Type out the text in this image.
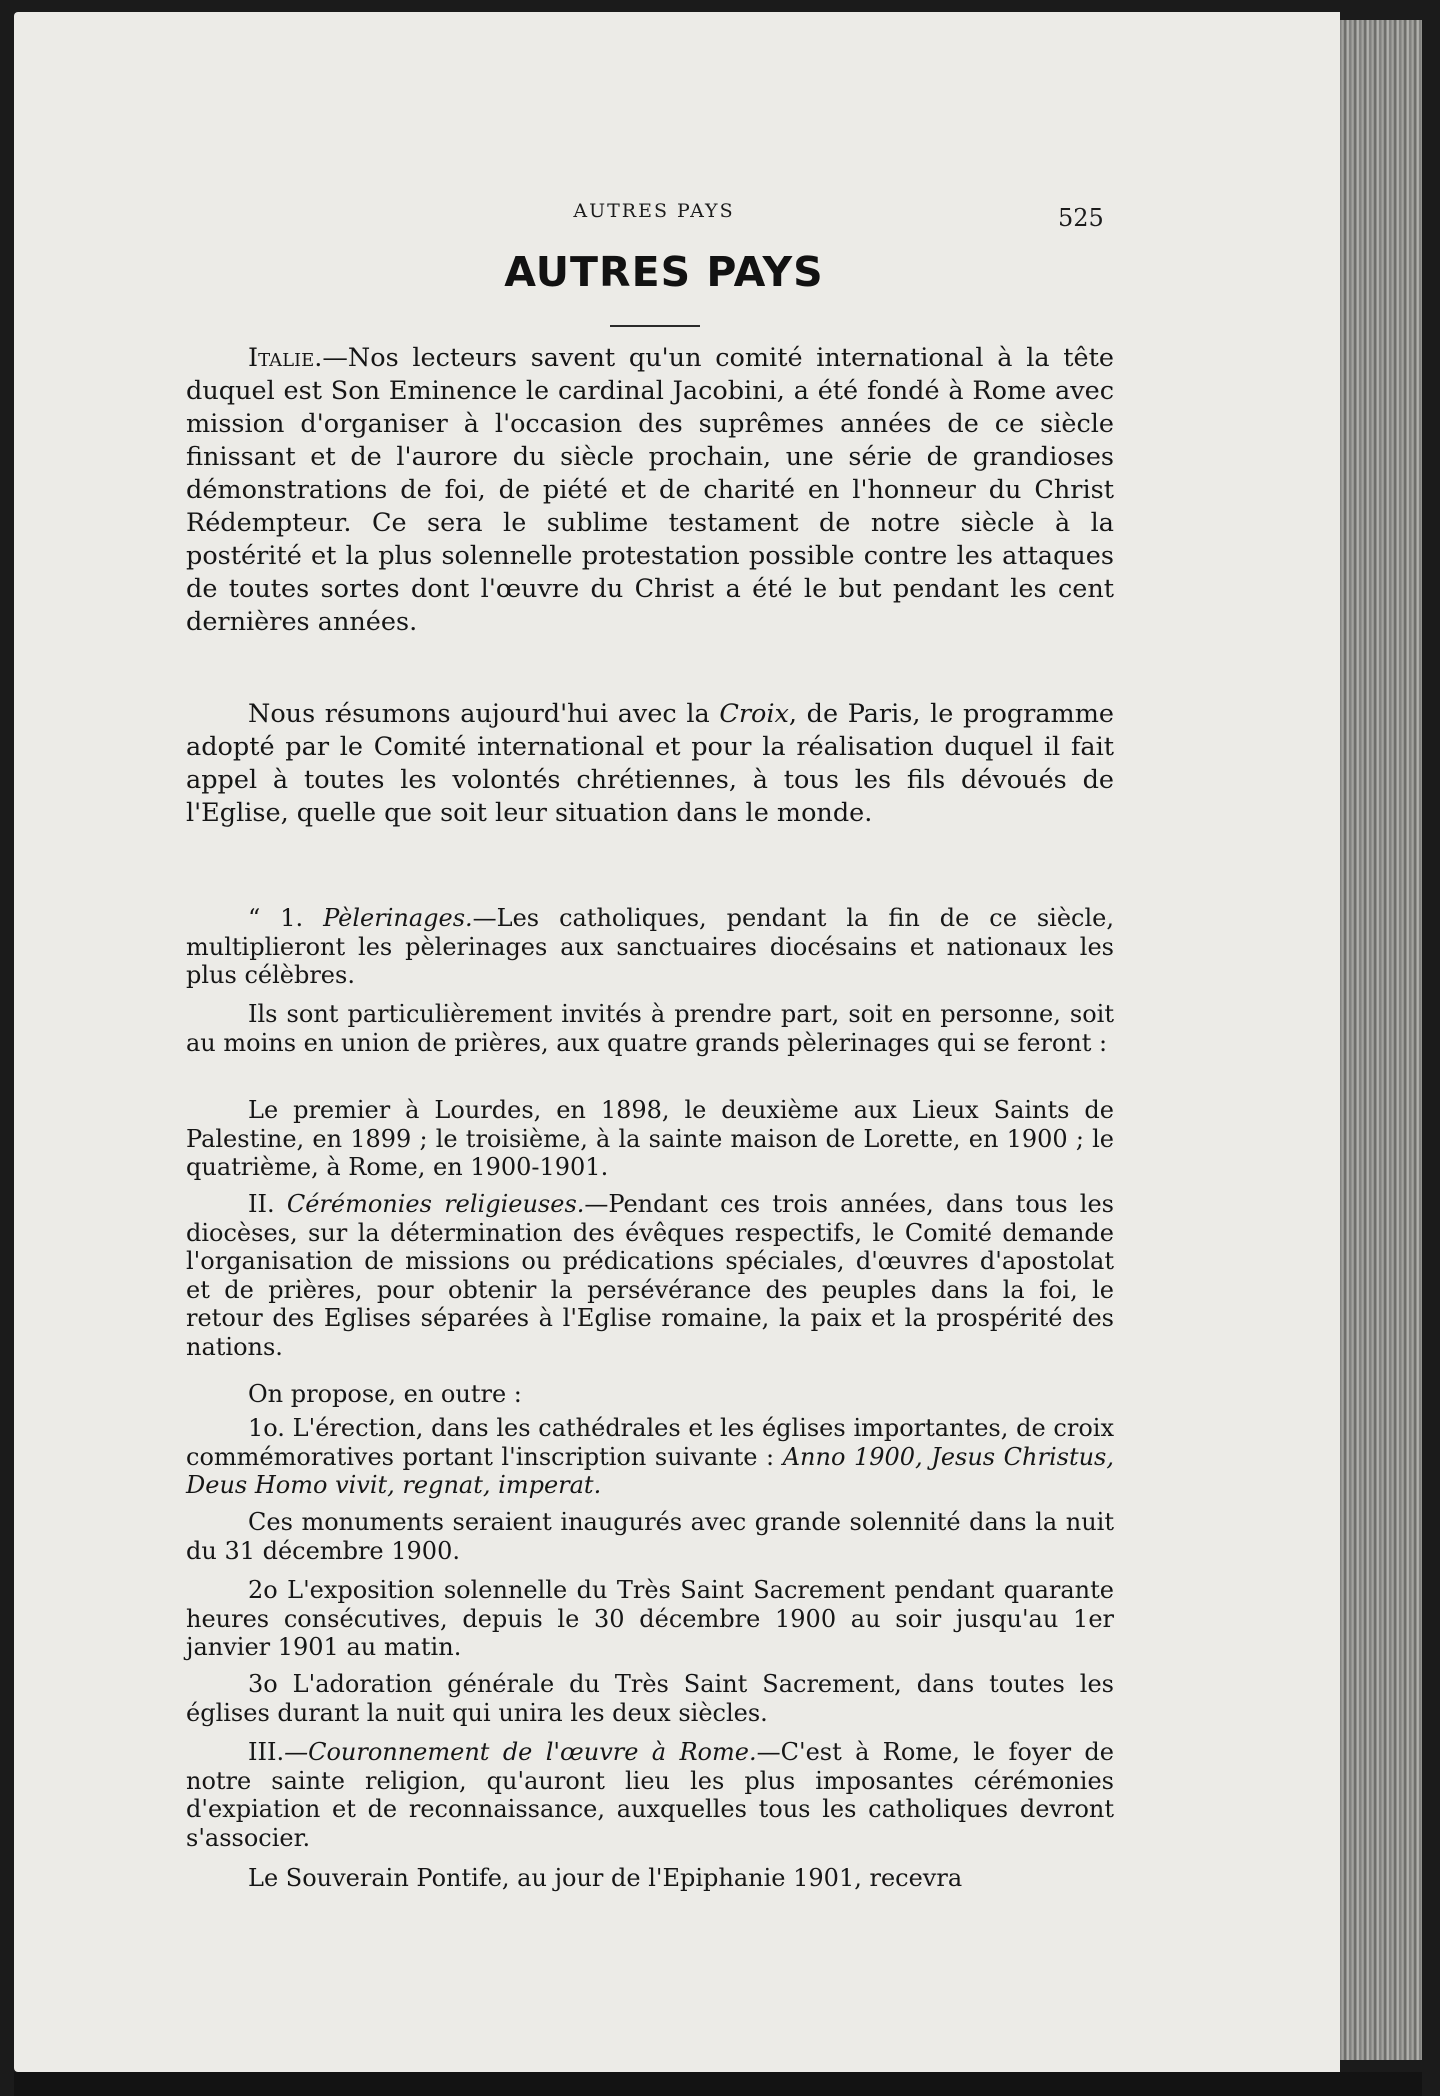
AUTRES PAYS	525
AUTRES PAYS

Italie.—Nos lecteurs savent qu'un comité international à la tête duquel est Son Eminence le cardinal Jacobini, a été fondé à Rome avec mission d'organiser à l'occasion des suprêmes années de ce siècle finissant et de l'aurore du siècle prochain, une série de grandioses démonstrations de foi, de piété et de charité en l'honneur du Christ Rédempteur. Ce sera le sublime testament de notre siècle à la postérité et la plus solennelle protestation possible contre les attaques de toutes sortes dont l'œuvre du Christ a été le but pendant les cent dernières années.

Nous résumons aujourd'hui avec la Croix, de Paris, le programme adopté par le Comité international et pour la réalisation duquel il fait appel à toutes les volontés chrétiennes, à tous les fils dévoués de l'Eglise, quelle que soit leur situation dans le monde.

“ 1. Pèlerinages.—Les catholiques, pendant la fin de ce siècle, multiplieront les pèlerinages aux sanctuaires diocésains et nationaux les plus célèbres.

Ils sont particulièrement invités à prendre part, soit en personne, soit au moins en union de prières, aux quatre grands pèlerinages qui se feront :

Le premier à Lourdes, en 1898, le deuxième aux Lieux Saints de Palestine, en 1899 ; le troisième, à la sainte maison de Lorette, en 1900 ; le quatrième, à Rome, en 1900-1901.

II. Cérémonies religieuses.—Pendant ces trois années, dans tous les diocèses, sur la détermination des évêques respectifs, le Comité demande l'organisation de missions ou prédications spéciales, d'œuvres d'apostolat et de prières, pour obtenir la persévérance des peuples dans la foi, le retour des Eglises séparées à l'Eglise romaine, la paix et la prospérité des nations.

On propose, en outre :

1o. L'érection, dans les cathédrales et les églises importantes, de croix commémoratives portant l'inscription suivante : Anno 1900, Jesus Christus, Deus Homo vivit, regnat, imperat.

Ces monuments seraient inaugurés avec grande solennité dans la nuit du 31 décembre 1900.

2o L'exposition solennelle du Très Saint Sacrement pendant quarante heures consécutives, depuis le 30 décembre 1900 au soir jusqu'au 1er janvier 1901 au matin.

3o L'adoration générale du Très Saint Sacrement, dans toutes les églises durant la nuit qui unira les deux siècles.

III.—Couronnement de l'œuvre à Rome.—C'est à Rome, le foyer de notre sainte religion, qu'auront lieu les plus imposantes cérémonies d'expiation et de reconnaissance, auxquelles tous les catholiques devront s'associer.

Le Souverain Pontife, au jour de l'Epiphanie 1901, recevra
